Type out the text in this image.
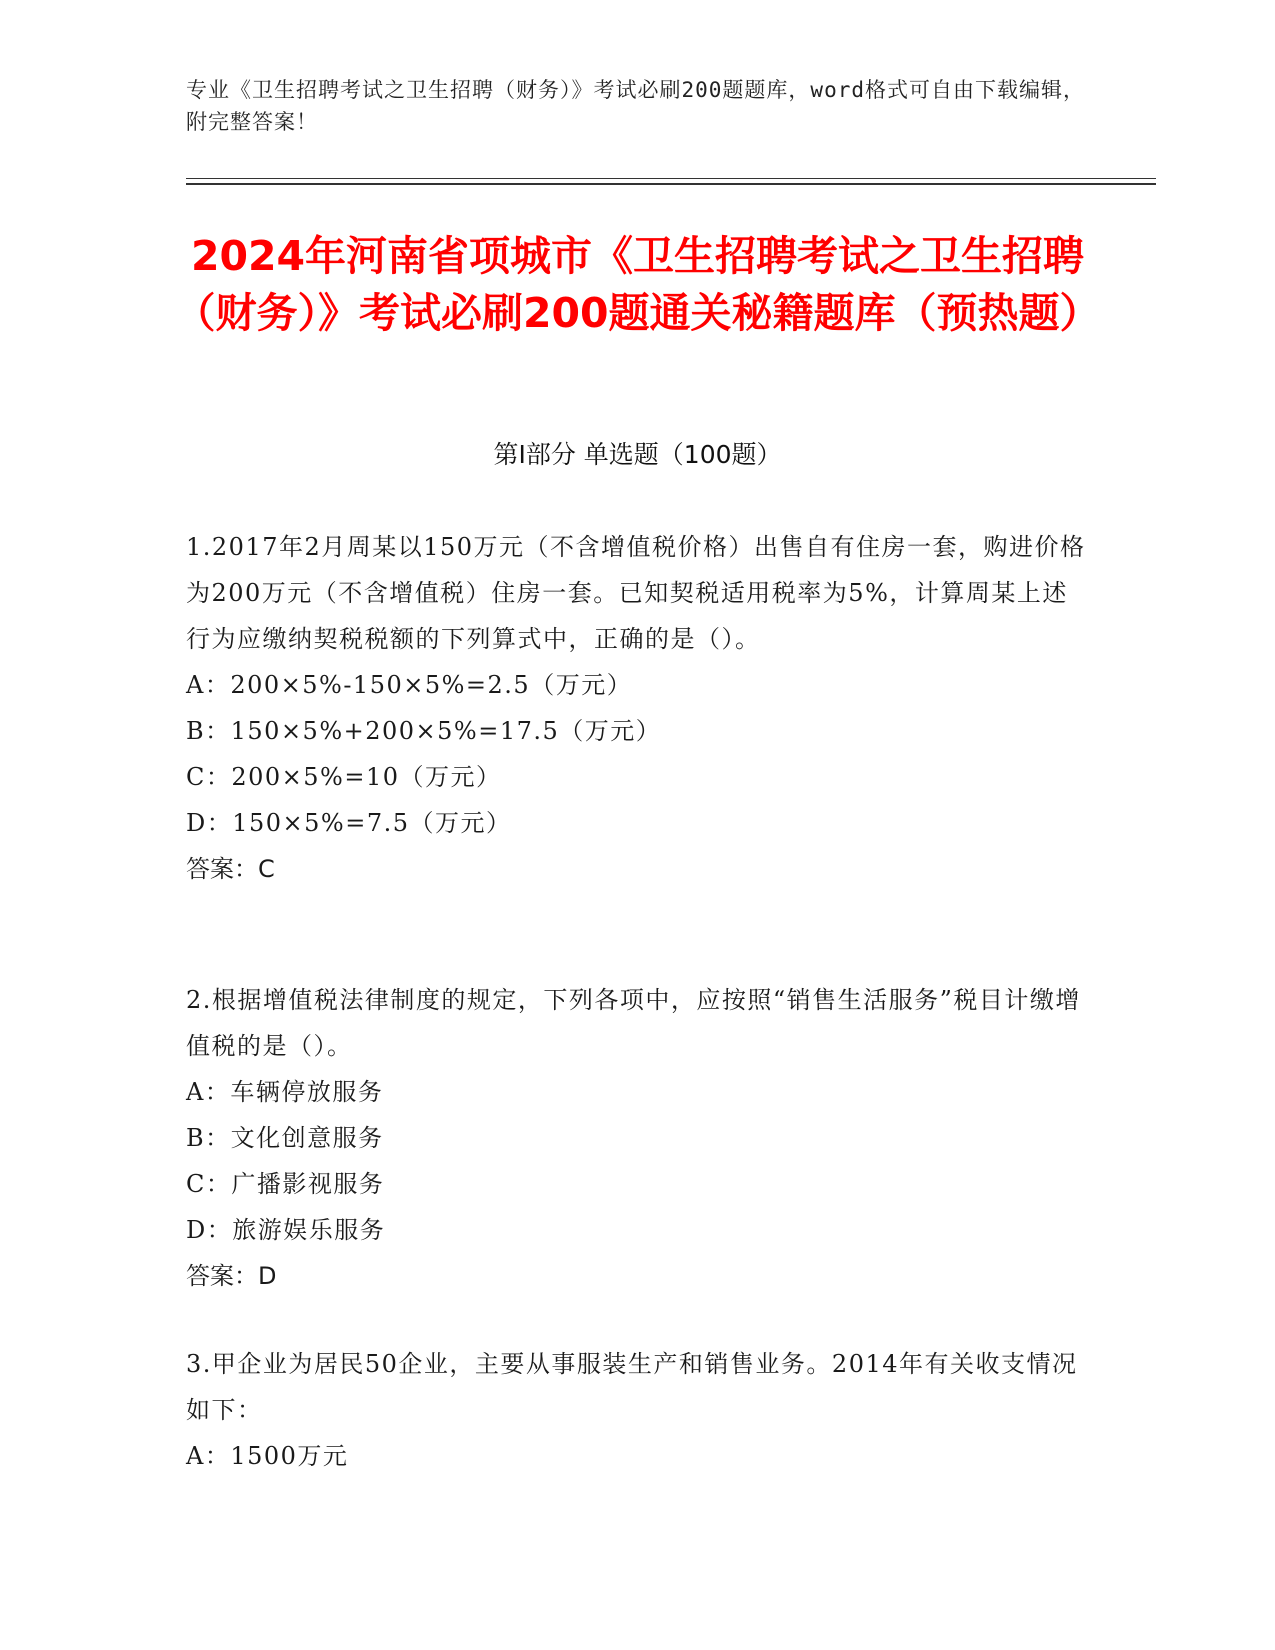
专业《卫生招聘考试之卫生招聘（财务）》考试必刷200题题库，word格式可自由下载编辑，附完整答案！
2024年河南省项城市《卫生招聘考试之卫生招聘（财务）》考试必刷200题通关秘籍题库（预热题）
第Ⅰ部分 单选题（100题）

1.2017年2月周某以150万元（不含增值税价格）出售自有住房一套，购进价格为200万元（不含增值税）住房一套。已知契税适用税率为5%，计算周某上述行为应缴纳契税税额的下列算式中，正确的是（）。

A：200×5%-150×5%=2.5（万元）

B：150×5%+200×5%=17.5（万元）

C：200×5%=10（万元）

D：150×5%=7.5（万元）

答案：C

2.根据增值税法律制度的规定，下列各项中，应按照“销售生活服务”税目计缴增值税的是（）。

A：车辆停放服务

B：文化创意服务

C：广播影视服务

D：旅游娱乐服务

答案：D

3.甲企业为居民50企业，主要从事服装生产和销售业务。2014年有关收支情况如下：

A：1500万元
